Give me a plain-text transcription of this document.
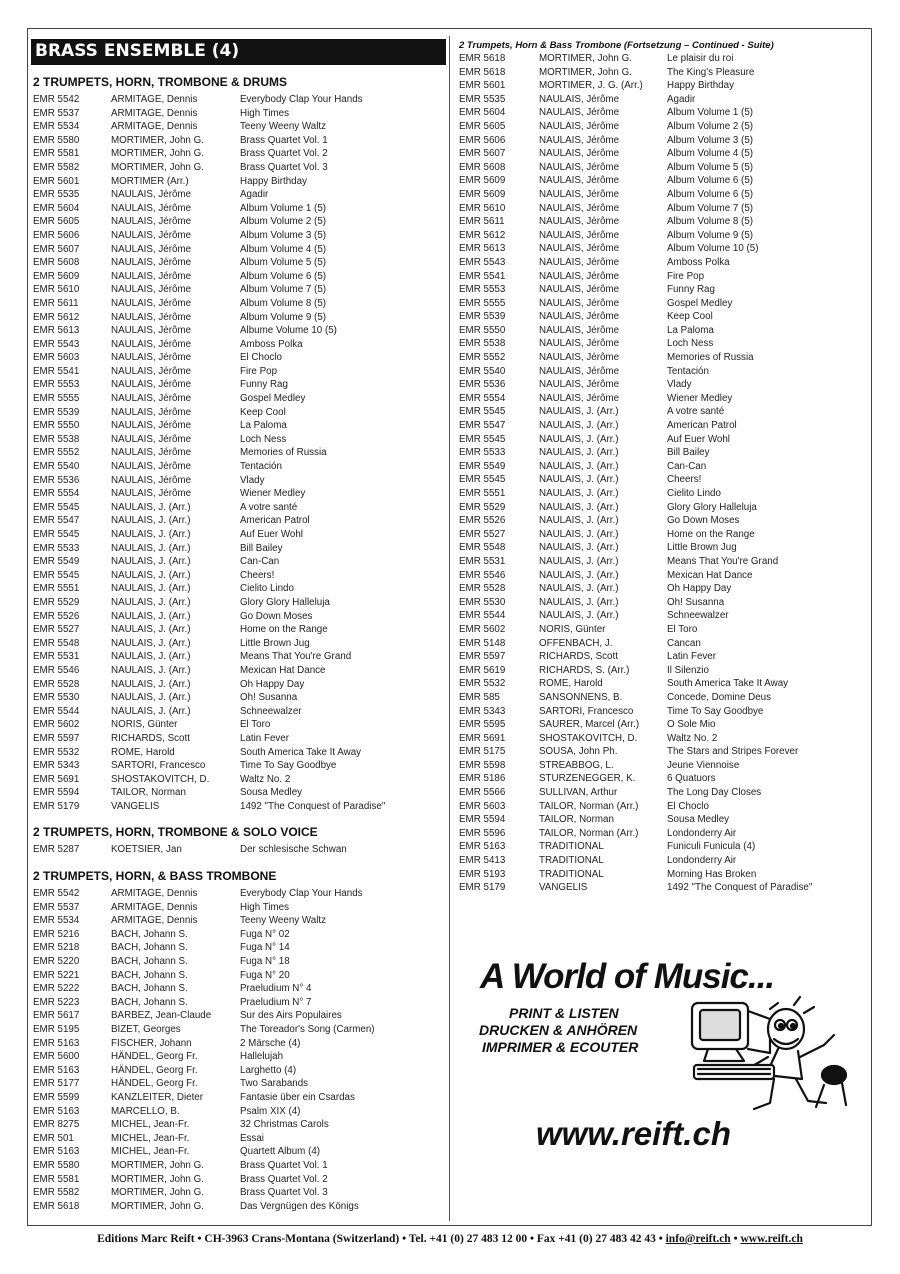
BRASS ENSEMBLE (4)
2 TRUMPETS, HORN, TROMBONE & DRUMS
EMR 5542	ARMITAGE, Dennis	Everybody Clap Your Hands
EMR 5537	ARMITAGE, Dennis	High Times
EMR 5534	ARMITAGE, Dennis	Teeny Weeny Waltz
EMR 5580	MORTIMER, John G.	Brass Quartet Vol. 1
EMR 5581	MORTIMER, John G.	Brass Quartet Vol. 2
EMR 5582	MORTIMER, John G.	Brass Quartet Vol. 3
EMR 5601	MORTIMER (Arr.)	Happy Birthday
EMR 5535	NAULAIS, Jérôme	Agadir
EMR 5604	NAULAIS, Jérôme	Album Volume 1 (5)
EMR 5605	NAULAIS, Jérôme	Album Volume 2 (5)
EMR 5606	NAULAIS, Jérôme	Album Volume 3 (5)
EMR 5607	NAULAIS, Jérôme	Album Volume 4 (5)
EMR 5608	NAULAIS, Jérôme	Album Volume 5 (5)
EMR 5609	NAULAIS, Jérôme	Album Volume 6 (5)
EMR 5610	NAULAIS, Jérôme	Album Volume 7 (5)
EMR 5611	NAULAIS, Jérôme	Album Volume 8 (5)
EMR 5612	NAULAIS, Jérôme	Album Volume 9 (5)
EMR 5613	NAULAIS, Jérôme	Albume Volume 10 (5)
EMR 5543	NAULAIS, Jérôme	Amboss Polka
EMR 5603	NAULAIS, Jérôme	El Choclo
EMR 5541	NAULAIS, Jérôme	Fire Pop
EMR 5553	NAULAIS, Jérôme	Funny Rag
EMR 5555	NAULAIS, Jérôme	Gospel Medley
EMR 5539	NAULAIS, Jérôme	Keep Cool
EMR 5550	NAULAIS, Jérôme	La Paloma
EMR 5538	NAULAIS, Jérôme	Loch Ness
EMR 5552	NAULAIS, Jérôme	Memories of Russia
EMR 5540	NAULAIS, Jérôme	Tentación
EMR 5536	NAULAIS, Jérôme	Vlady
EMR 5554	NAULAIS, Jérôme	Wiener Medley
EMR 5545	NAULAIS, J. (Arr.)	A votre santé
EMR 5547	NAULAIS, J. (Arr.)	American Patrol
EMR 5545	NAULAIS, J. (Arr.)	Auf Euer Wohl
EMR 5533	NAULAIS, J. (Arr.)	Bill Bailey
EMR 5549	NAULAIS, J. (Arr.)	Can-Can
EMR 5545	NAULAIS, J. (Arr.)	Cheers!
EMR 5551	NAULAIS, J. (Arr.)	Cielito Lindo
EMR 5529	NAULAIS, J. (Arr.)	Glory Glory Halleluja
EMR 5526	NAULAIS, J. (Arr.)	Go Down Moses
EMR 5527	NAULAIS, J. (Arr.)	Home on the Range
EMR 5548	NAULAIS, J. (Arr.)	Little Brown Jug
EMR 5531	NAULAIS, J. (Arr.)	Means That You're Grand
EMR 5546	NAULAIS, J. (Arr.)	Mexican Hat Dance
EMR 5528	NAULAIS, J. (Arr.)	Oh Happy Day
EMR 5530	NAULAIS, J. (Arr.)	Oh! Susanna
EMR 5544	NAULAIS, J. (Arr.)	Schneewalzer
EMR 5602	NORIS, Günter	El Toro
EMR 5597	RICHARDS, Scott	Latin Fever
EMR 5532	ROME, Harold	South America Take It Away
EMR 5343	SARTORI, Francesco	Time To Say Goodbye
EMR 5691	SHOSTAKOVITCH, D.	Waltz No. 2
EMR 5594	TAILOR, Norman	Sousa Medley
EMR 5179	VANGELIS	1492 "The Conquest of Paradise"
2 TRUMPETS, HORN, TROMBONE & SOLO VOICE
EMR 5287	KOETSIER, Jan	Der schlesische Schwan
2 TRUMPETS, HORN, & BASS TROMBONE
EMR 5542	ARMITAGE, Dennis	Everybody Clap Your Hands
EMR 5537	ARMITAGE, Dennis	High Times
EMR 5534	ARMITAGE, Dennis	Teeny Weeny Waltz
EMR 5216	BACH, Johann S.	Fuga N° 02
EMR 5218	BACH, Johann S.	Fuga N° 14
EMR 5220	BACH, Johann S.	Fuga N° 18
EMR 5221	BACH, Johann S.	Fuga N° 20
EMR 5222	BACH, Johann S.	Praeludium N° 4
EMR 5223	BACH, Johann S.	Praeludium N° 7
EMR 5617	BARBEZ, Jean-Claude	Sur des Airs Populaires
EMR 5195	BIZET, Georges	The Toreador's Song (Carmen)
EMR 5163	FISCHER, Johann	2 Märsche (4)
EMR 5600	HÄNDEL, Georg Fr.	Hallelujah
EMR 5163	HÄNDEL, Georg Fr.	Larghetto (4)
EMR 5177	HÄNDEL, Georg Fr.	Two Sarabands
EMR 5599	KANZLEITER, Dieter	Fantasie über ein Csardas
EMR 5163	MARCELLO, B.	Psalm XIX (4)
EMR 8275	MICHEL, Jean-Fr.	32 Christmas Carols
EMR 501	MICHEL, Jean-Fr.	Essai
EMR 5163	MICHEL, Jean-Fr.	Quartett Album (4)
EMR 5580	MORTIMER, John G.	Brass Quartet Vol. 1
EMR 5581	MORTIMER, John G.	Brass Quartet Vol. 2
EMR 5582	MORTIMER, John G.	Brass Quartet Vol. 3
EMR 5618	MORTIMER, John G.	Das Vergnügen des Königs
2 Trumpets, Horn & Bass Trombone (Fortsetzung – Continued - Suite)
EMR 5618	MORTIMER, John G.	Le plaisir du roi
EMR 5618	MORTIMER, John G.	The King's Pleasure
EMR 5601	MORTIMER, J. G. (Arr.)	Happy Birthday
EMR 5535	NAULAIS, Jérôme	Agadir
EMR 5604	NAULAIS, Jérôme	Album Volume 1 (5)
EMR 5605	NAULAIS, Jérôme	Album Volume 2 (5)
EMR 5606	NAULAIS, Jérôme	Album Volume 3 (5)
EMR 5607	NAULAIS, Jérôme	Album Volume 4 (5)
EMR 5608	NAULAIS, Jérôme	Album Volume 5 (5)
EMR 5609	NAULAIS, Jérôme	Album Volume 6 (5)
EMR 5609	NAULAIS, Jérôme	Album Volume 6 (5)
EMR 5610	NAULAIS, Jérôme	Album Volume 7 (5)
EMR 5611	NAULAIS, Jérôme	Album Volume 8 (5)
EMR 5612	NAULAIS, Jérôme	Album Volume 9 (5)
EMR 5613	NAULAIS, Jérôme	Album Volume 10 (5)
EMR 5543	NAULAIS, Jérôme	Amboss Polka
EMR 5541	NAULAIS, Jérôme	Fire Pop
EMR 5553	NAULAIS, Jérôme	Funny Rag
EMR 5555	NAULAIS, Jérôme	Gospel Medley
EMR 5539	NAULAIS, Jérôme	Keep Cool
EMR 5550	NAULAIS, Jérôme	La Paloma
EMR 5538	NAULAIS, Jérôme	Loch Ness
EMR 5552	NAULAIS, Jérôme	Memories of Russia
EMR 5540	NAULAIS, Jérôme	Tentación
EMR 5536	NAULAIS, Jérôme	Vlady
EMR 5554	NAULAIS, Jérôme	Wiener Medley
EMR 5545	NAULAIS, J. (Arr.)	A votre santé
EMR 5547	NAULAIS, J. (Arr.)	American Patrol
EMR 5545	NAULAIS, J. (Arr.)	Auf Euer Wohl
EMR 5533	NAULAIS, J. (Arr.)	Bill Bailey
EMR 5549	NAULAIS, J. (Arr.)	Can-Can
EMR 5545	NAULAIS, J. (Arr.)	Cheers!
EMR 5551	NAULAIS, J. (Arr.)	Cielito Lindo
EMR 5529	NAULAIS, J. (Arr.)	Glory Glory Halleluja
EMR 5526	NAULAIS, J. (Arr.)	Go Down Moses
EMR 5527	NAULAIS, J. (Arr.)	Home on the Range
EMR 5548	NAULAIS, J. (Arr.)	Little Brown Jug
EMR 5531	NAULAIS, J. (Arr.)	Means That You're Grand
EMR 5546	NAULAIS, J. (Arr.)	Mexican Hat Dance
EMR 5528	NAULAIS, J. (Arr.)	Oh Happy Day
EMR 5530	NAULAIS, J. (Arr.)	Oh! Susanna
EMR 5544	NAULAIS, J. (Arr.)	Schneewalzer
EMR 5602	NORIS, Günter	El Toro
EMR 5148	OFFENBACH, J.	Cancan
EMR 5597	RICHARDS, Scott	Latin Fever
EMR 5619	RICHARDS, S. (Arr.)	Il Silenzio
EMR 5532	ROME, Harold	South America Take It Away
EMR 585	SANSONNENS, B.	Concede, Domine Deus
EMR 5343	SARTORI, Francesco	Time To Say Goodbye
EMR 5595	SAURER, Marcel (Arr.)	O Sole Mio
EMR 5691	SHOSTAKOVITCH, D.	Waltz No. 2
EMR 5175	SOUSA, John Ph.	The Stars and Stripes Forever
EMR 5598	STREABBOG, L.	Jeune Viennoise
EMR 5186	STURZENEGGER, K.	6 Quatuors
EMR 5566	SULLIVAN, Arthur	The Long Day Closes
EMR 5603	TAILOR, Norman (Arr.)	El Choclo
EMR 5594	TAILOR, Norman	Sousa Medley
EMR 5596	TAILOR, Norman (Arr.)	Londonderry Air
EMR 5163	TRADITIONAL	Funiculi Funicula (4)
EMR 5413	TRADITIONAL	Londonderry Air
EMR 5193	TRADITIONAL	Morning Has Broken
EMR 5179	VANGELIS	1492 "The Conquest of Paradise"
A World of Music...
PRINT & LISTEN
DRUCKEN & ANHÖREN
IMPRIMER & ECOUTER
www.reift.ch
Editions Marc Reift • CH-3963 Crans-Montana (Switzerland) • Tel. +41 (0) 27 483 12 00 • Fax +41 (0) 27 483 42 43 • info@reift.ch • www.reift.ch
